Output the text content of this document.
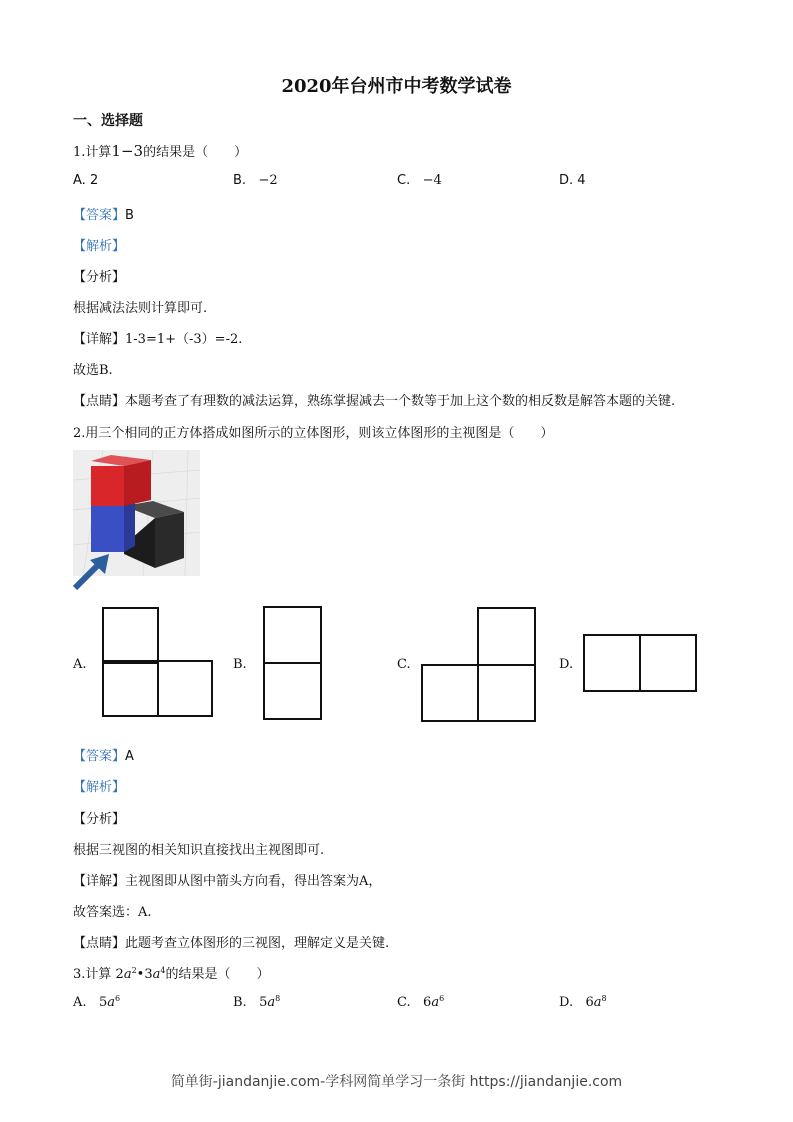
2020年台州市中考数学试卷
一、选择题
1.计算1−3的结果是（　　）
A. 2	B. −2	C. −4	D. 4
【答案】B
【解析】
【分析】
根据减法法则计算即可.
【详解】1-3=1+（-3）=-2.
故选B.
【点睛】本题考查了有理数的减法运算，熟练掌握减去一个数等于加上这个数的相反数是解答本题的关键.
2.用三个相同的正方体搭成如图所示的立体图形，则该立体图形的主视图是（　　）
A.	B.	C.	D.
【答案】A
【解析】
【分析】
根据三视图的相关知识直接找出主视图即可.
【详解】主视图即从图中箭头方向看，得出答案为A，
故答案选：A.
【点睛】此题考查立体图形的三视图，理解定义是关键.
3.计算 $2a^2•3a^4$的结果是（　　）
A. $5a^6$	B. $5a^8$	C. $6a^6$	D. $6a^8$
简单街-jiandanjie.com-学科网简单学习一条街 https://jiandanjie.com
